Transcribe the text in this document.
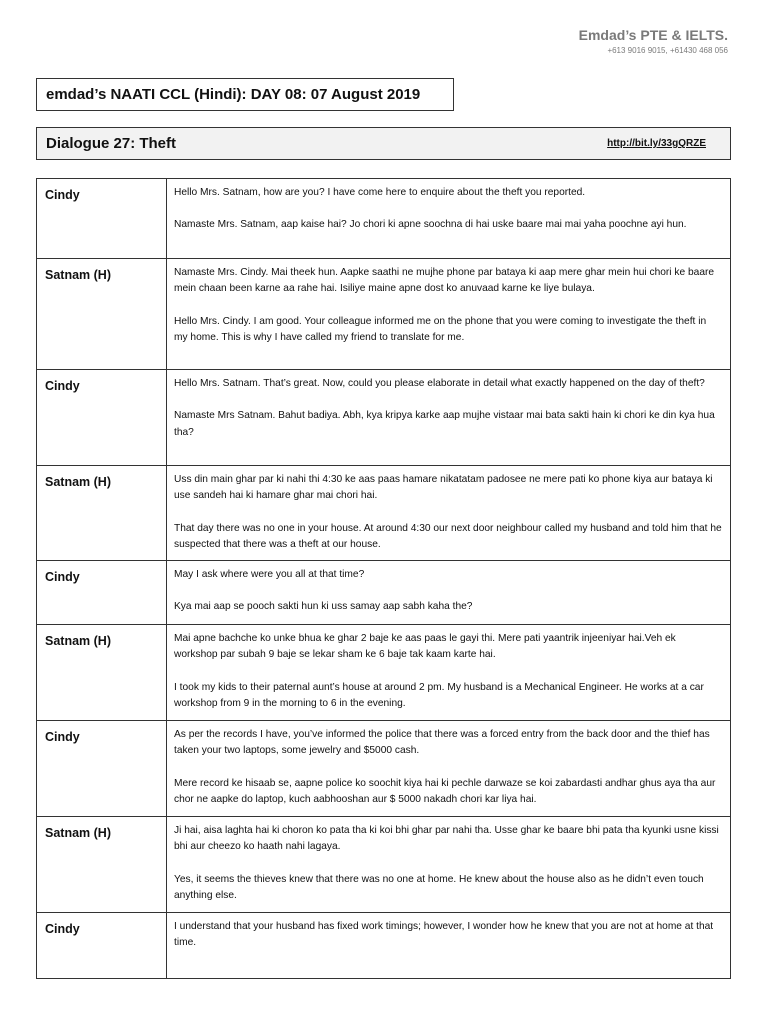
Emdad’s PTE & IELTS.
+613 9016 9015, +61430 468 056
emdad’s NAATI CCL (Hindi): DAY 08: 07 August 2019
Dialogue 27: Theft	http://bit.ly/33gQRZE
Cindy	Hello Mrs. Satnam, how are you? I have come here to enquire about the theft you reported.

Namaste Mrs. Satnam, aap kaise hai? Jo chori ki apne soochna di hai uske baare mai mai yaha poochne ayi hun.

Satnam (H)	Namaste Mrs. Cindy. Mai theek hun. Aapke saathi ne mujhe phone par bataya ki aap mere ghar mein hui chori ke baare mein chaan been karne aa rahe hai. Isiliye maine apne dost ko anuvaad karne ke liye bulaya.

Hello Mrs. Cindy. I am good. Your colleague informed me on the phone that you were coming to investigate the theft in my home. This is why I have called my friend to translate for me.

Cindy	Hello Mrs. Satnam. That’s great. Now, could you please elaborate in detail what exactly happened on the day of theft?

Namaste Mrs Satnam. Bahut badiya. Abh, kya kripya karke aap mujhe vistaar mai bata sakti hain ki chori ke din kya hua tha?

Satnam (H)	Uss din main ghar par ki nahi thi 4:30 ke aas paas hamare nikatatam padosee ne mere pati ko phone kiya aur bataya ki use sandeh hai ki hamare ghar mai chori hai.

That day there was no one in your house. At around 4:30 our next door neighbour called my husband and told him that he suspected that there was a theft at our house.

Cindy	May I ask where were you all at that time?

Kya mai aap se pooch sakti hun ki uss samay aap sabh kaha the?

Satnam (H)	Mai apne bachche ko unke bhua ke ghar 2 baje ke aas paas le gayi thi. Mere pati yaantrik injeeniyar hai.Veh ek workshop par subah 9 baje se lekar sham ke 6 baje tak kaam karte hai.

I took my kids to their paternal aunt’s house at around 2 pm. My husband is a Mechanical Engineer. He works at a car workshop from 9 in the morning to 6 in the evening.

Cindy	As per the records I have, you’ve informed the police that there was a forced entry from the back door and the thief has taken your two laptops, some jewelry and $5000 cash.

Mere record ke hisaab se, aapne police ko soochit kiya hai ki pechle darwaze se koi zabardasti andhar ghus aya tha aur chor ne aapke do laptop, kuch aabhooshan aur $ 5000 nakadh chori kar liya hai.

Satnam (H)	Ji hai, aisa laghta hai ki choron ko pata tha ki koi bhi ghar par nahi tha. Usse ghar ke baare bhi pata tha kyunki usne kissi bhi aur cheezo ko haath nahi lagaya.

Yes, it seems the thieves knew that there was no one at home. He knew about the house also as he didn’t even touch anything else.

Cindy	I understand that your husband has fixed work timings; however, I wonder how he knew that you are not at home at that time.
